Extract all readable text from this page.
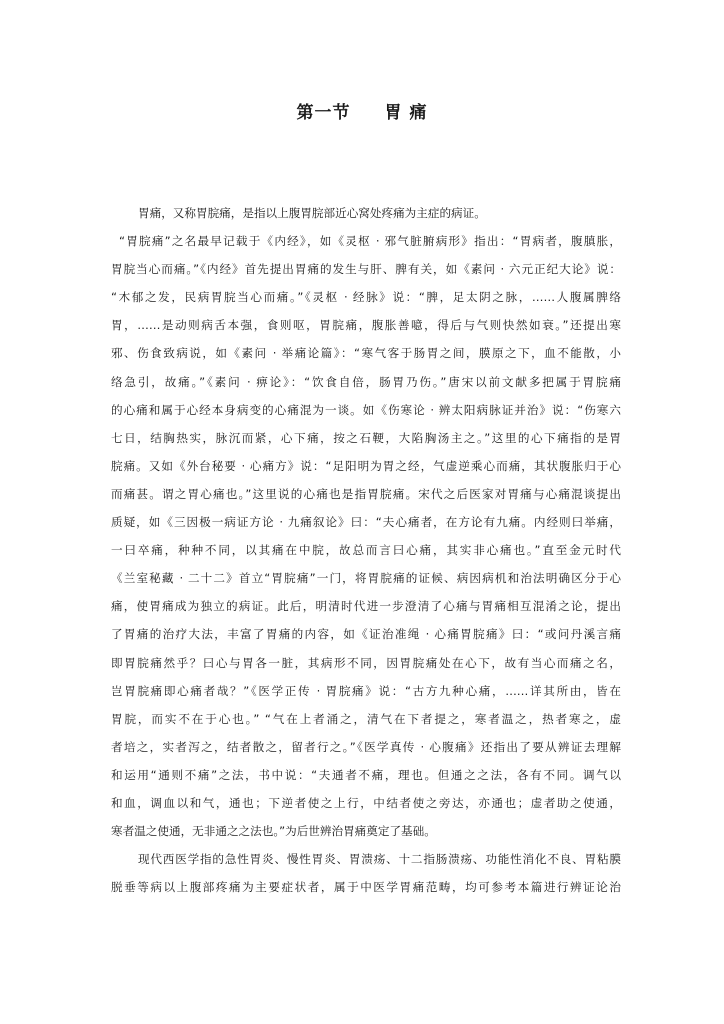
第一节 胃 痛
胃痛，又称胃脘痛，是指以上腹胃脘部近心窝处疼痛为主症的病证。
“胃脘痛”之名最早记载于《内经》，如《灵枢 · 邪气脏腑病形》指出：“胃病者，腹䐜胀，
胃脘当心而痛。”《内经》首先提出胃痛的发生与肝、脾有关，如《素问 · 六元正纪大论》说：
“木郁之发，民病胃脘当心而痛。”《灵枢 · 经脉》说：“脾，足太阴之脉，……人腹属脾络
胃，……是动则病舌本强，食则呕，胃脘痛，腹胀善噫，得后与气则快然如衰。”还提出寒
邪、伤食致病说，如《素问 · 举痛论篇》：“寒气客于肠胃之间，膜原之下，血不能散，小
络急引，故痛。”《素问 · 痹论》：“饮食自倍，肠胃乃伤。”唐宋以前文献多把属于胃脘痛
的心痛和属于心经本身病变的心痛混为一谈。如《伤寒论 · 辨太阳病脉证并治》说：“伤寒六
七日，结胸热实，脉沉而紧，心下痛，按之石鞕，大陷胸汤主之。”这里的心下痛指的是胃
脘痛。又如《外台秘要 · 心痛方》说：“足阳明为胃之经，气虚逆乘心而痛，其状腹胀归于心
而痛甚。谓之胃心痛也。”这里说的心痛也是指胃脘痛。宋代之后医家对胃痛与心痛混谈提出
质疑，如《三因极一病证方论 · 九痛叙论》曰：“夫心痛者，在方论有九痛。内经则曰举痛，
一曰卒痛，种种不同，以其痛在中脘，故总而言曰心痛，其实非心痛也。”直至金元时代
《兰室秘藏 · 二十二》首立“胃脘痛”一门，将胃脘痛的证候、病因病机和治法明确区分于心
痛，使胃痛成为独立的病证。此后，明清时代进一步澄清了心痛与胃痛相互混淆之论，提出
了胃痛的治疗大法，丰富了胃痛的内容，如《证治准绳 · 心痛胃脘痛》曰：“或问丹溪言痛
即胃脘痛然乎？曰心与胃各一脏，其病形不同，因胃脘痛处在心下，故有当心而痛之名，
岂胃脘痛即心痛者哉？”《医学正传 · 胃脘痛》说：“古方九种心痛，……详其所由，皆在
胃脘，而实不在于心也。” “气在上者涌之，清气在下者提之，寒者温之，热者寒之，虚
者培之，实者泻之，结者散之，留者行之。”《医学真传 · 心腹痛》还指出了要从辨证去理解
和运用“通则不痛”之法，书中说：“夫通者不痛，理也。但通之之法，各有不同。调气以
和血，调血以和气，通也；下逆者使之上行，中结者使之旁达，亦通也；虚者助之使通，
寒者温之使通，无非通之之法也。”为后世辨治胃痛奠定了基础。
现代西医学指的急性胃炎、慢性胃炎、胃溃疡、十二指肠溃疡、功能性消化不良、胃粘膜
脱垂等病以上腹部疼痛为主要症状者，属于中医学胃痛范畴，均可参考本篇进行辨证论治
